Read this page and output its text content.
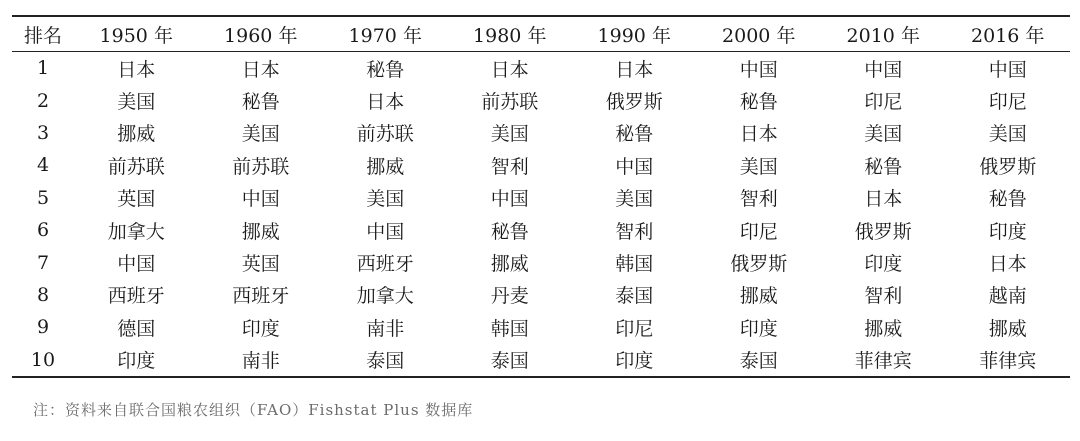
排名	1950 年	1960 年	1970 年	1980 年	1990 年	2000 年	2010 年	2016 年
1	日本	日本	秘鲁	日本	日本	中国	中国	中国
2	美国	秘鲁	日本	前苏联	俄罗斯	秘鲁	印尼	印尼
3	挪威	美国	前苏联	美国	秘鲁	日本	美国	美国
4	前苏联	前苏联	挪威	智利	中国	美国	秘鲁	俄罗斯
5	英国	中国	美国	中国	美国	智利	日本	秘鲁
6	加拿大	挪威	中国	秘鲁	智利	印尼	俄罗斯	印度
7	中国	英国	西班牙	挪威	韩国	俄罗斯	印度	日本
8	西班牙	西班牙	加拿大	丹麦	泰国	挪威	智利	越南
9	德国	印度	南非	韩国	印尼	印度	挪威	挪威
10	印度	南非	泰国	泰国	印度	泰国	菲律宾	菲律宾
注：资料来自联合国粮农组织（FAO）Fishstat Plus 数据库
